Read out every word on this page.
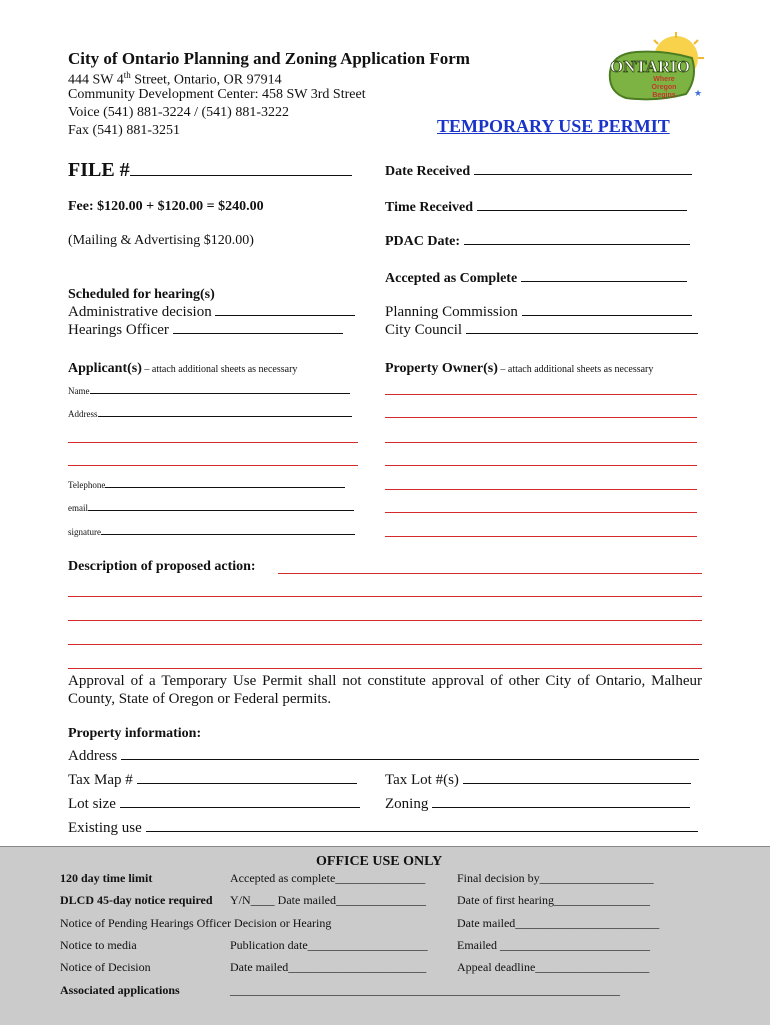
City of Ontario Planning and Zoning Application Form
444 SW 4th Street, Ontario, OR 97914
Community Development Center: 458 SW 3rd Street
Voice (541) 881-3224 / (541) 881-3222
Fax (541) 881-3251
ONTARIO
Where
Oregon
Begins ★
TEMPORARY USE PERMIT
FILE #
Fee: $120.00 + $120.00 = $240.00
(Mailing & Advertising $120.00)
Scheduled for hearing(s)
Administrative decision
Hearings Officer
Applicant(s) – attach additional sheets as necessary
Name
Address
Telephone
email
signature
Date Received
Time Received
PDAC Date:
Accepted as Complete
Planning Commission
City Council
Property Owner(s) – attach additional sheets as necessary
Description of proposed action:
Approval of a Temporary Use Permit shall not constitute approval of other City of Ontario, Malheur County, State of Oregon or Federal permits.
Property information:
Address
Tax Map #	Tax Lot #(s)
Lot size	Zoning
Existing use
OFFICE USE ONLY
120 day time limit	Accepted as complete_______________	Final decision by___________________
DLCD 45-day notice required Y/N____ Date mailed_______________	Date of first hearing________________
Notice of Pending Hearings Officer Decision or Hearing	Date mailed________________________
Notice to media	Publication date____________________ Emailed _________________________
Notice of Decision	Date mailed_______________________	Appeal deadline___________________
Associated applications	_________________________________________________________________
